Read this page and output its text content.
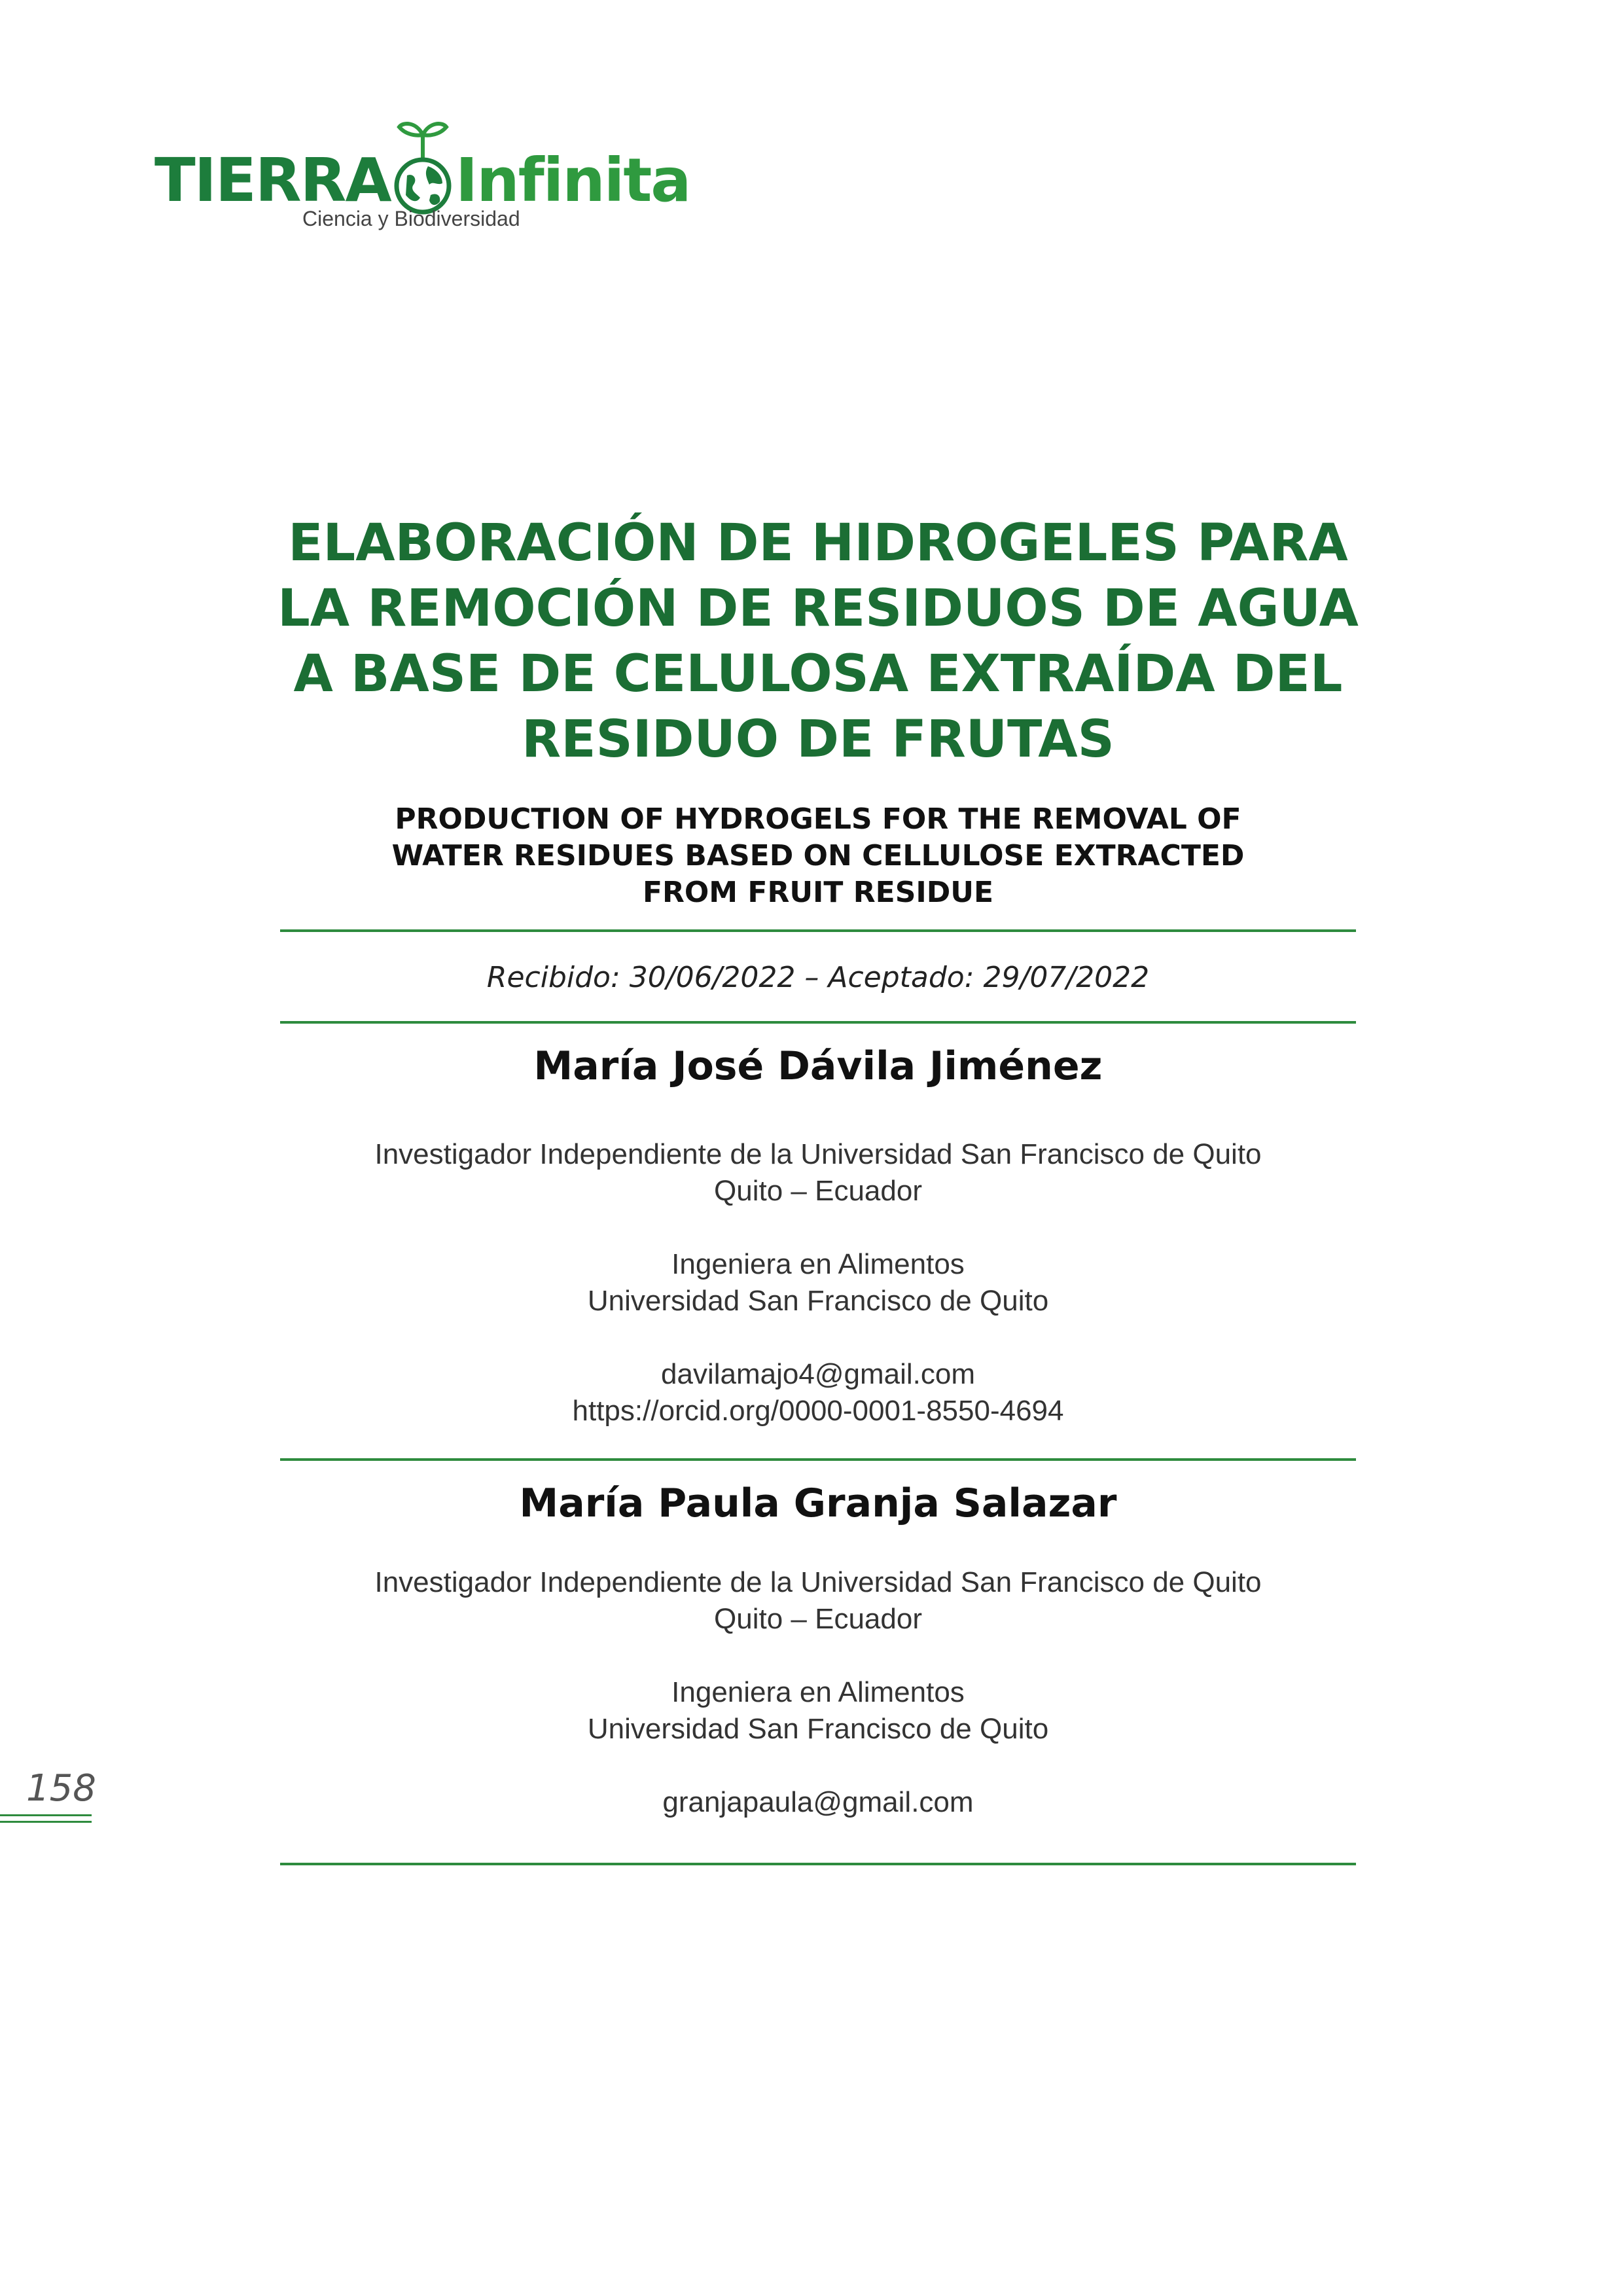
TIERRA Infinita
Ciencia y Biodiversidad
ELABORACIÓN DE HIDROGELES PARA
LA REMOCIÓN DE RESIDUOS DE AGUA
A BASE DE CELULOSA EXTRAÍDA DEL
RESIDUO DE FRUTAS
PRODUCTION OF HYDROGELS FOR THE REMOVAL OF
WATER RESIDUES BASED ON CELLULOSE EXTRACTED
FROM FRUIT RESIDUE
Recibido: 30/06/2022 – Aceptado: 29/07/2022
María José Dávila Jiménez
Investigador Independiente de la Universidad San Francisco de Quito
Quito – Ecuador
Ingeniera en Alimentos
Universidad San Francisco de Quito
davilamajo4@gmail.com
https://orcid.org/0000-0001-8550-4694
María Paula Granja Salazar
Investigador Independiente de la Universidad San Francisco de Quito
Quito – Ecuador
Ingeniera en Alimentos
Universidad San Francisco de Quito
granjapaula@gmail.com
158
